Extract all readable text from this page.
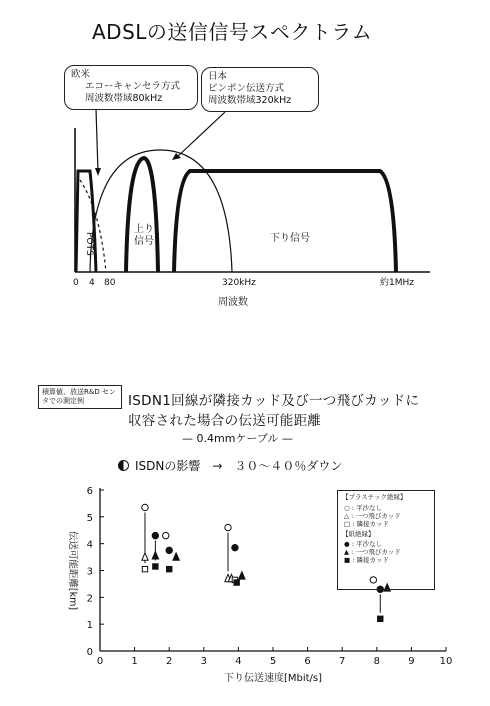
ADSLの送信信号スペクトラム
POTS
上り
信号	下り信号
0 4 80	320kHz	約1MHz
周波数
欧米
エコーキャンセラ方式
周波数帯域80kHz
日本
ピンポン伝送方式
周波数帯域320kHz
積算値、放送R&D センタでの測定例	ISDN1回線が隣接カッド及び一つ飛びカッドに
収容された場合の伝送可能距離
— 0.4mmケーブル —
ISDNの影響　→　３０～４０％ダウン
0	1	2	3	4	5	6	7	8	9	10
0
1
2
3
4
5
6
下り伝送速度[Mbit/s]
伝送可能距離[km]
【プラスチック絶縁】
○ : 平沙なし
△ : 一つ飛びカッド
□ : 隣接カッド
【紙絶縁】
● : 平沙なし
▲ : 一つ飛びカッド
■ : 隣接カッド
